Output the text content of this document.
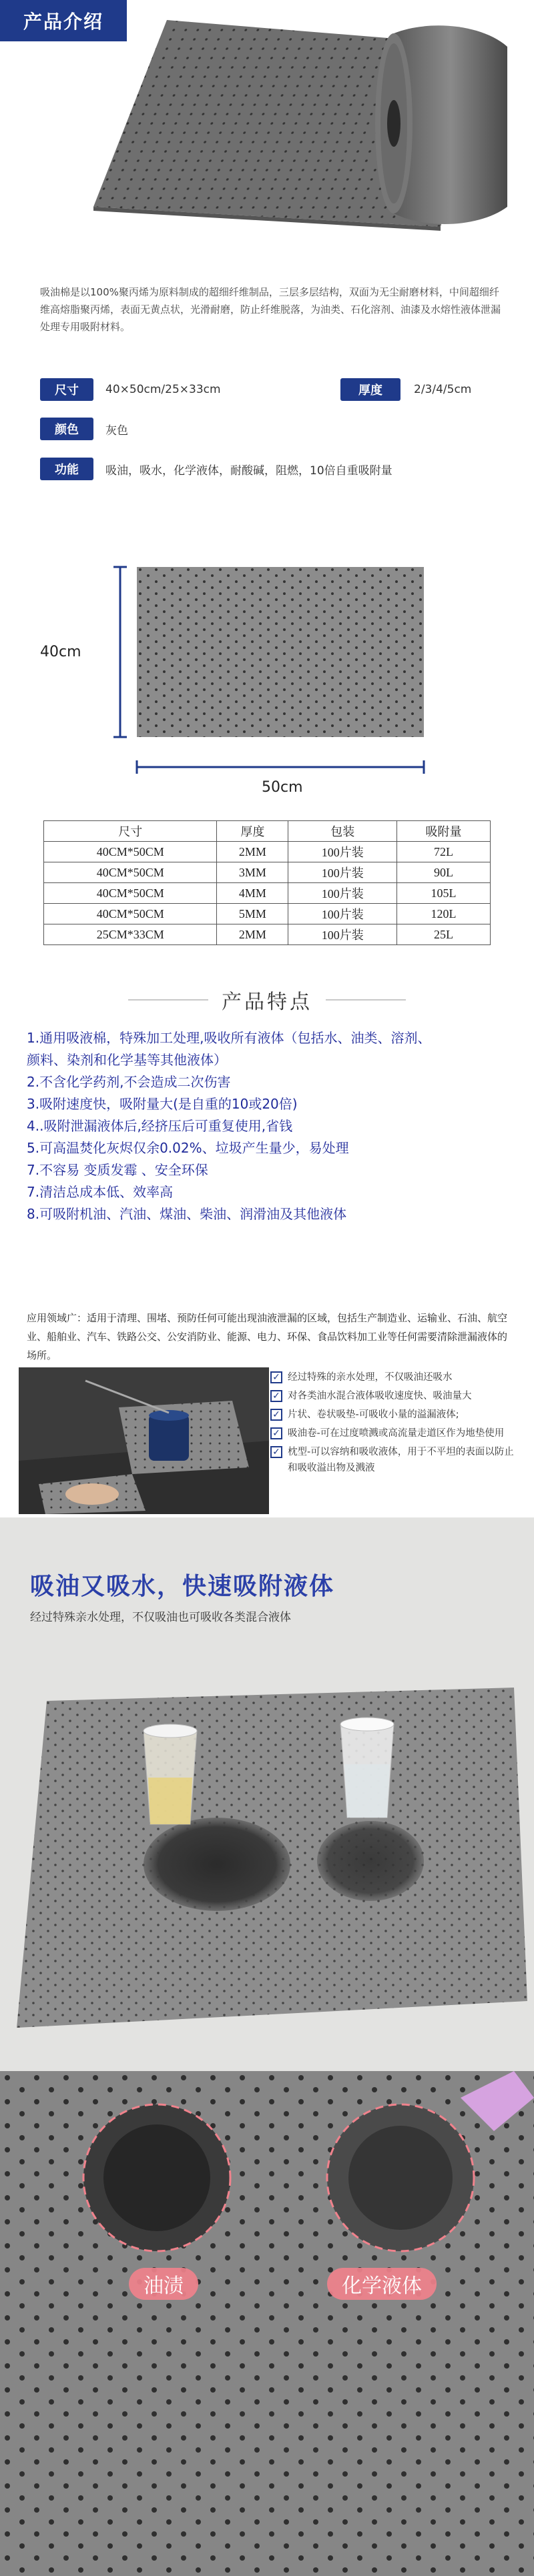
产品介绍

吸油棉是以100%聚丙烯为原料制成的超细纤维制品，三层多层结构，双面为无尘耐磨材料，中间超细纤维高熔脂聚丙烯，表面无黄点状，光滑耐磨，防止纤维脱落，为油类、石化溶剂、油漆及水熔性液体泄漏处理专用吸附材料。

尺寸	40×50cm/25×33cm	厚度	2/3/4/5cm
颜色	灰色
功能	吸油，吸水，化学液体，耐酸碱，阻燃，10倍自重吸附量
40cm
50cm
尺寸	厚度	包装	吸附量
40CM*50CM	2MM	100片装	72L
40CM*50CM	3MM	100片装	90L
40CM*50CM	4MM	100片装	105L
40CM*50CM	5MM	100片装	120L
25CM*33CM	2MM	100片装	25L
产品特点
1.通用吸液棉，特殊加工处理,吸收所有液体（包括水、油类、溶剂、
颜料、染剂和化学基等其他液体）
2.不含化学药剂,不会造成二次伤害
3.吸附速度快，吸附量大(是自重的10或20倍)
4..吸附泄漏液体后,经挤压后可重复使用,省钱
5.可高温焚化灰烬仅余0.02%、垃圾产生量少，易处理
7.不容易 变质发霉 、安全环保
7.清洁总成本低、效率高
8.可吸附机油、汽油、煤油、柴油、润滑油及其他液体

应用领域广：适用于清理、围堵、预防任何可能出现油液泄漏的区域，包括生产制造业、运输业、石油、航空业、船舶业、汽车、铁路公交、公安消防业、能源、电力、环保、食品饮料加工业等任何需要清除泄漏液体的场所。

✓ 经过特殊的亲水处理，不仅吸油还吸水
✓ 对各类油水混合液体吸收速度快、吸油量大
✓ 片状、卷状吸垫-可吸收小量的溢漏液体;
✓ 吸油卷-可在过度喷溅或高流量走道区作为地垫使用
✓ 枕型-可以容纳和吸收液体，用于不平坦的表面以防止和吸收溢出物及溅液
吸油又吸水，快速吸附液体
经过特殊亲水处理，不仅吸油也可吸收各类混合液体
油渍	化学液体
